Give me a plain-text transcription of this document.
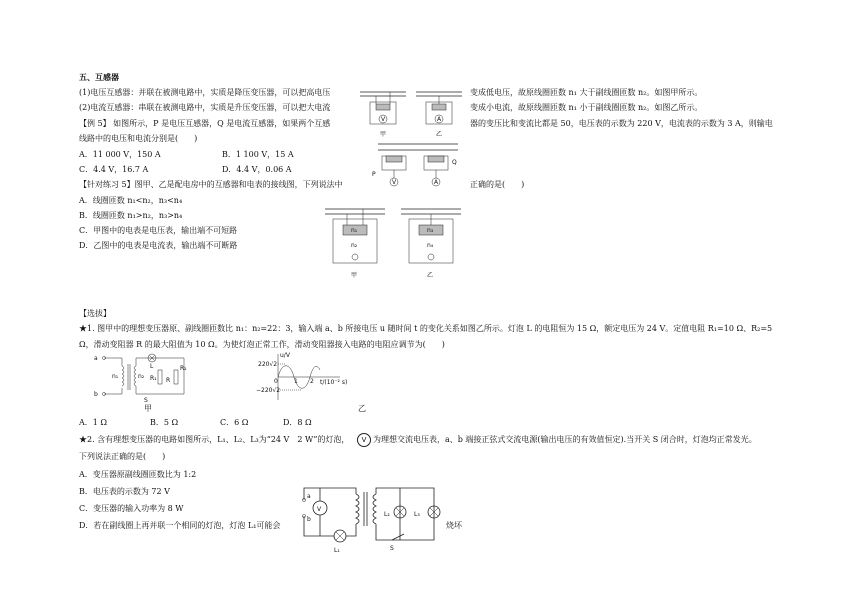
五、互感器
(1)电压互感器：并联在被测电路中，实质是降压变压器，可以把高电压	变成低电压，故原线圈匝数 n₁ 大于副线圈匝数 n₂。如图甲所示。
(2)电流互感器：串联在被测电路中，实质是升压变压器，可以把大电流	变成小电流，故原线圈匝数 n₁ 小于副线圈匝数 n₂。如图乙所示。
【例 5】 如图所示，P 是电压互感器，Q 是电流互感器，如果两个互感	器的变压比和变流比都是 50，电压表的示数为 220 V，电流表的示数为 3 A，则输电
线路中的电压和电流分别是(　　)
A．11 000 V，150 A	B．1 100 V，15 A
C．4.4 V，16.7 A	D．4.4 V，0.06 A
V
甲
A
乙
V
P
A
Q
【针对练习 5】图甲、乙是配电房中的互感器和电表的接线图，下列说法中	正确的是(　　)
A．线圈匝数 n₁<n₂，n₃<n₄
B．线圈匝数 n₁>n₂，n₃>n₄
C．甲图中的电表是电压表，输出端不可短路
D．乙图中的电表是电流表，输出端不可断路
n₁
n₂
甲
n₃
n₄
乙
【选拔】
★1. 图甲中的理想变压器原、副线圈匝数比 n₁：n₂=22：3，输入端 a、b 所接电压 u 随时间 t 的变化关系如图乙所示。灯泡 L 的电阻恒为 15 Ω，额定电压为 24 V。定值电阻 R₁=10 Ω、R₂=5
Ω，滑动变阻器 R 的最大阻值为 10 Ω。为使灯泡正常工作，滑动变阻器接入电路的电阻应调节为(　　)
a
b
n₁	n₂
L
R₁
R₂
R
S
甲
u/V
220√2
−220√2
0	1 2 t/(10⁻² s)
乙
A．1 Ω	B．5 Ω	C．6 Ω	D．8 Ω
★2. 含有理想变压器的电路如图所示，L₁、L₂、L₃为“24 V　2 W”的灯泡，	V 为理想交流电压表，a、b 端接正弦式交流电源(输出电压的有效值恒定).当开关 S 闭合时，灯泡均正常发光。
下列说法正确的是(　　)
A．变压器原副线圈匝数比为 1:2
B．电压表的示数为 72 V
C．变压器的输入功率为 8 W
D．若在副线圈上再并联一个相同的灯泡，灯泡 L₁可能会	烧坏
a
b
L₁
V
L₂	L₃
S
